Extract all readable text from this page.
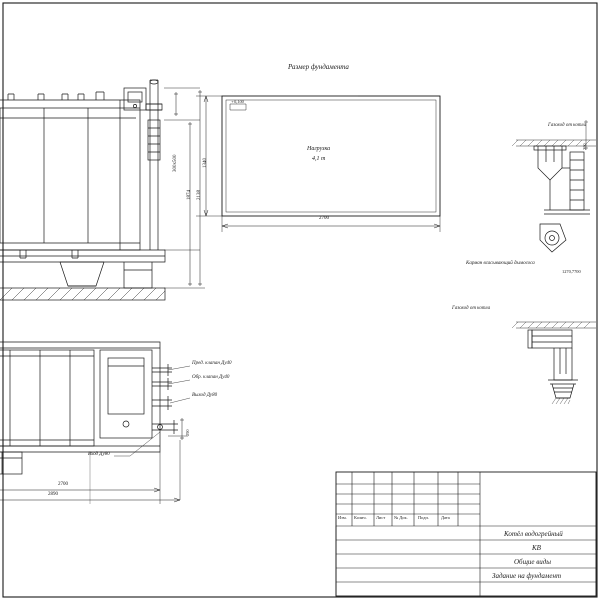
Размер фундамента
+0,100
Нагрузка
4,1 т
2700
1340
300x500
1874 2138
Пред. клапан Ду40
Обр. клапан Ду40
Выход Ду80
Вход Ду80
2700
2890
290
Газоход от котла
Карман всасывающий дымососа
Газоход от котла
250
1270,7700
Изм. Колич. Лист № Док. Подп.	Дата
Котёл водогрейный
КВ
Общие виды
Задание на фундамент
